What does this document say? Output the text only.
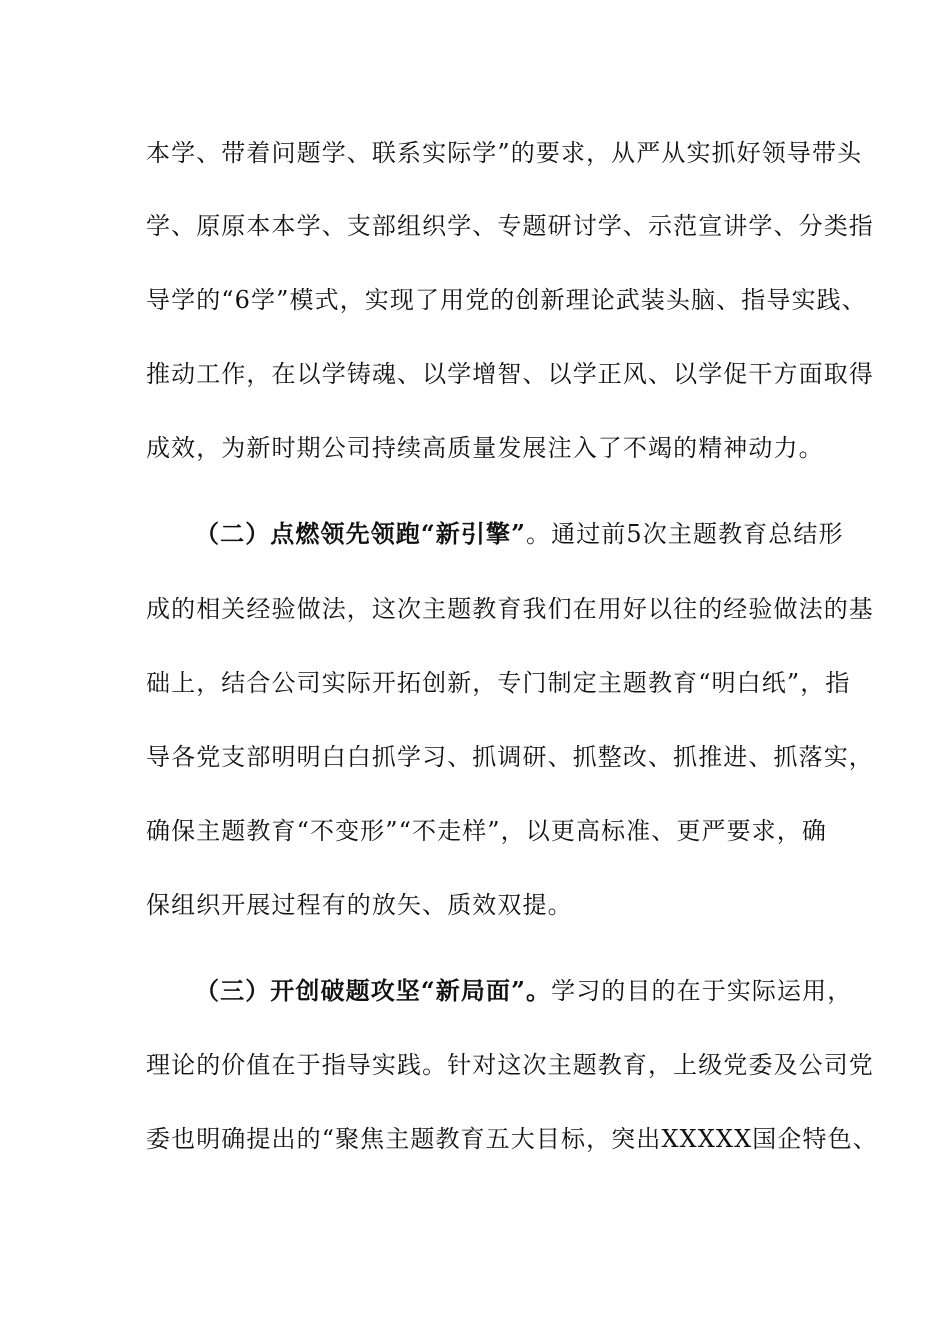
本学、带着问题学、联系实际学”的要求，从严从实抓好领导带头
学、原原本本学、支部组织学、专题研讨学、示范宣讲学、分类指
导学的“6学”模式，实现了用党的创新理论武装头脑、指导实践、
推动工作，在以学铸魂、以学增智、以学正风、以学促干方面取得
成效，为新时期公司持续高质量发展注入了不竭的精神动力。
（二）点燃领先领跑“新引擎”。通过前5次主题教育总结形
成的相关经验做法，这次主题教育我们在用好以往的经验做法的基
础上，结合公司实际开拓创新，专门制定主题教育“明白纸”，指
导各党支部明明白白抓学习、抓调研、抓整改、抓推进、抓落实，
确保主题教育“不变形”“不走样”，以更高标准、更严要求，确
保组织开展过程有的放矢、质效双提。
（三）开创破题攻坚“新局面”。学习的目的在于实际运用，
理论的价值在于指导实践。针对这次主题教育，上级党委及公司党
委也明确提出的“聚焦主题教育五大目标，突出XXXXX国企特色、
